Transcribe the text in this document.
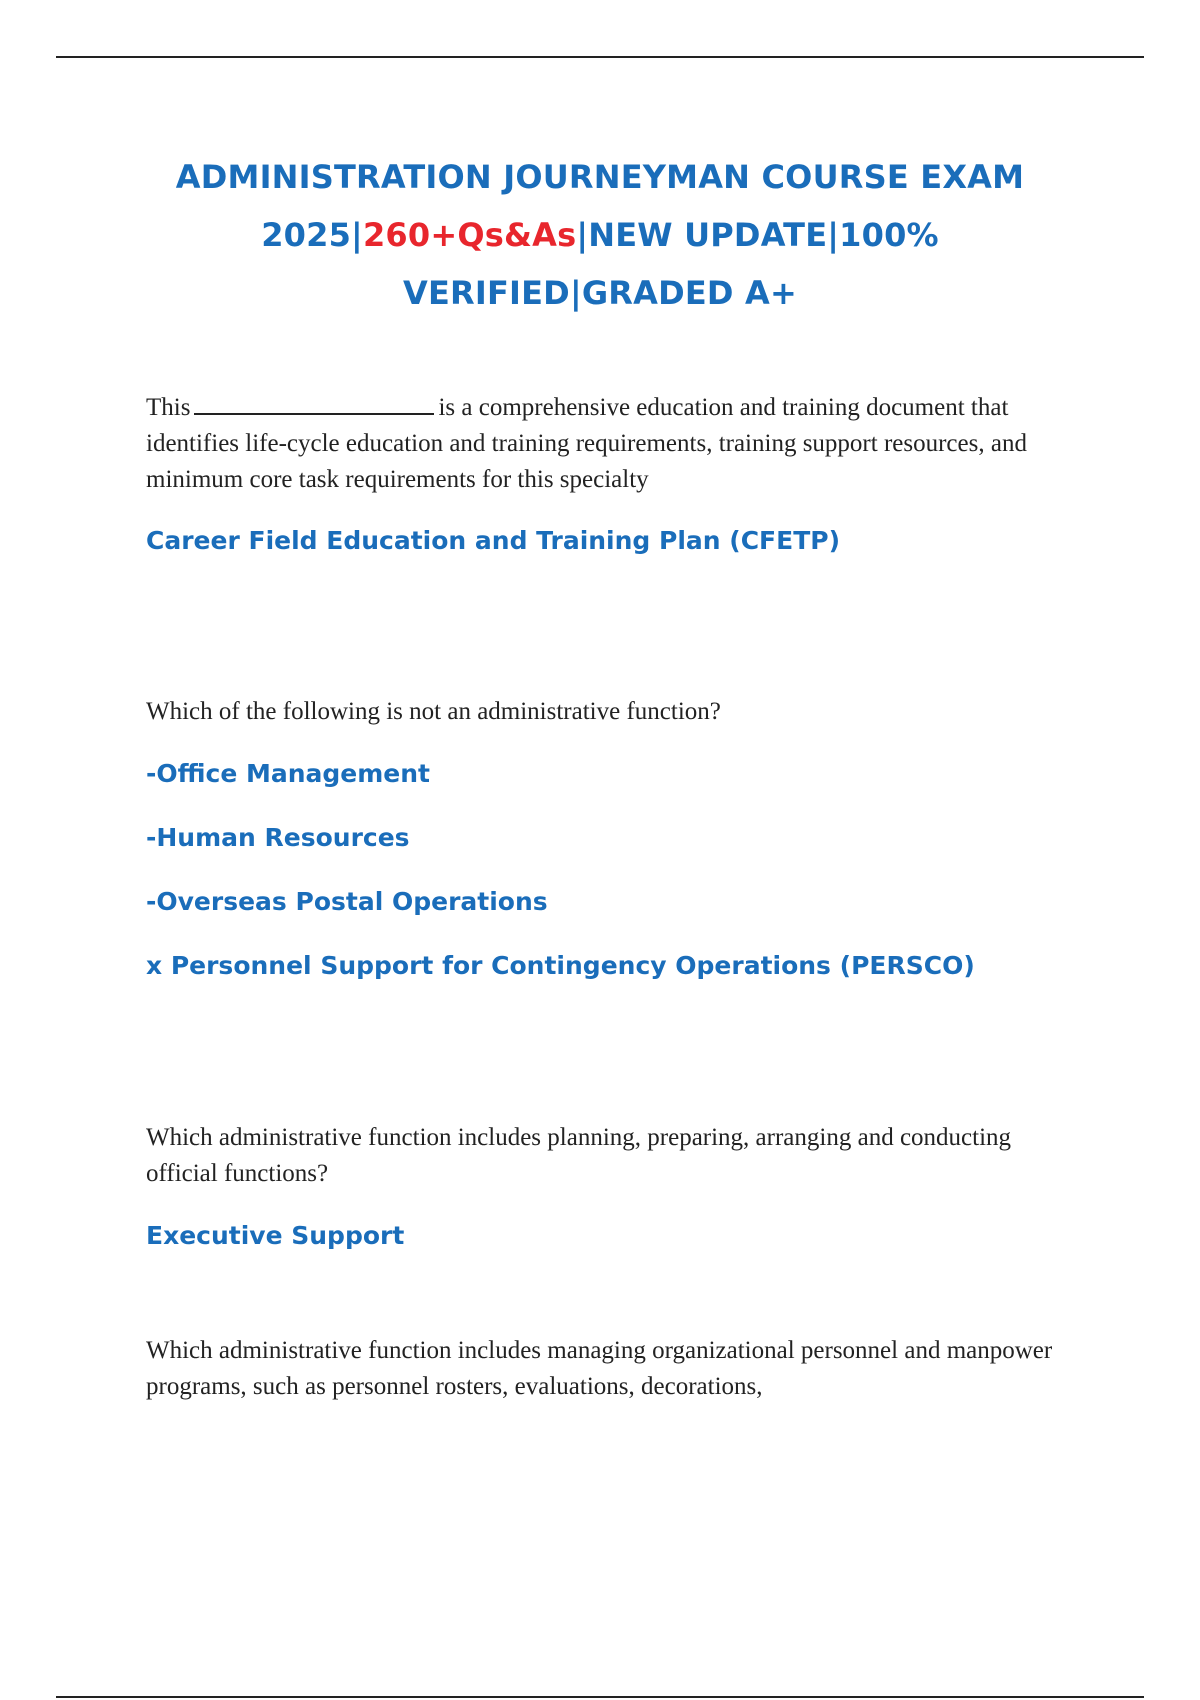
ADMINISTRATION JOURNEYMAN COURSE EXAM
2025|260+Qs&As|NEW UPDATE|100%
VERIFIED|GRADED A+

This	is a comprehensive education and training document that identifies life-cycle education and training requirements, training support resources, and minimum core task requirements for this specialty

Career Field Education and Training Plan (CFETP)

Which of the following is not an administrative function?

-Office Management

-Human Resources

-Overseas Postal Operations

x Personnel Support for Contingency Operations (PERSCO)

Which administrative function includes planning, preparing, arranging and conducting official functions?

Executive Support

Which administrative function includes managing organizational personnel and manpower programs, such as personnel rosters, evaluations, decorations,
